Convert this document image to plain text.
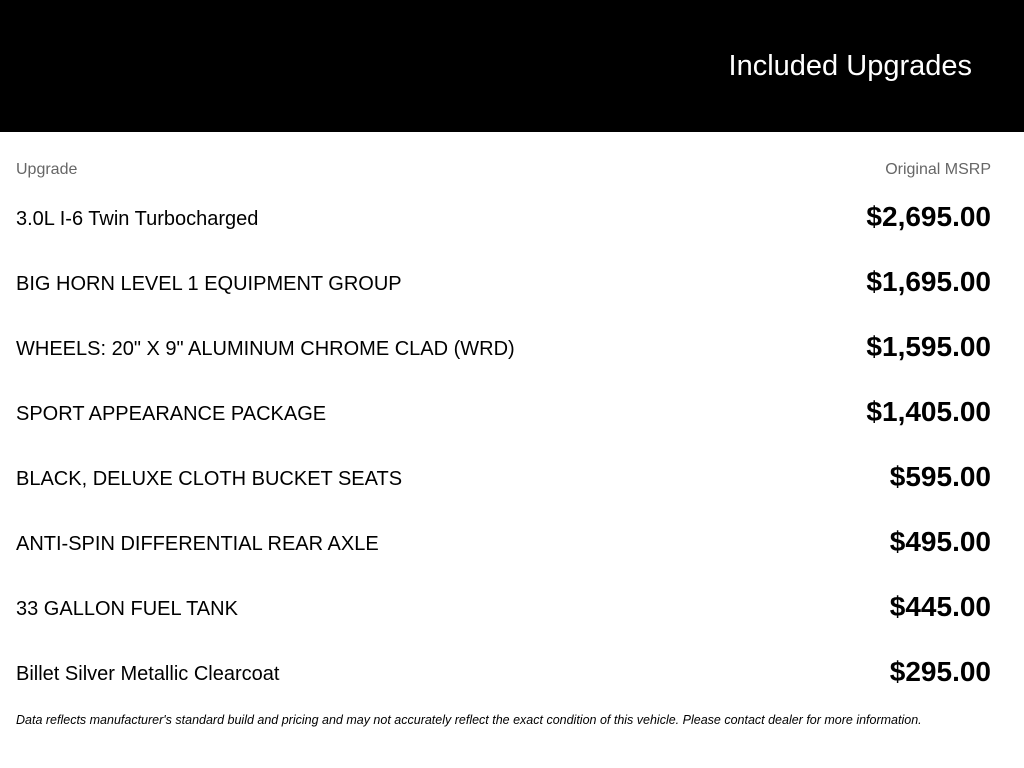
Included Upgrades
Upgrade	Original MSRP
3.0L I-6 Twin Turbocharged	$2,695.00
BIG HORN LEVEL 1 EQUIPMENT GROUP	$1,695.00
WHEELS: 20" X 9" ALUMINUM CHROME CLAD (WRD)	$1,595.00
SPORT APPEARANCE PACKAGE	$1,405.00
BLACK, DELUXE CLOTH BUCKET SEATS	$595.00
ANTI-SPIN DIFFERENTIAL REAR AXLE	$495.00
33 GALLON FUEL TANK	$445.00
Billet Silver Metallic Clearcoat	$295.00
Data reflects manufacturer's standard build and pricing and may not accurately reflect the exact condition of this vehicle. Please contact dealer for more information.
